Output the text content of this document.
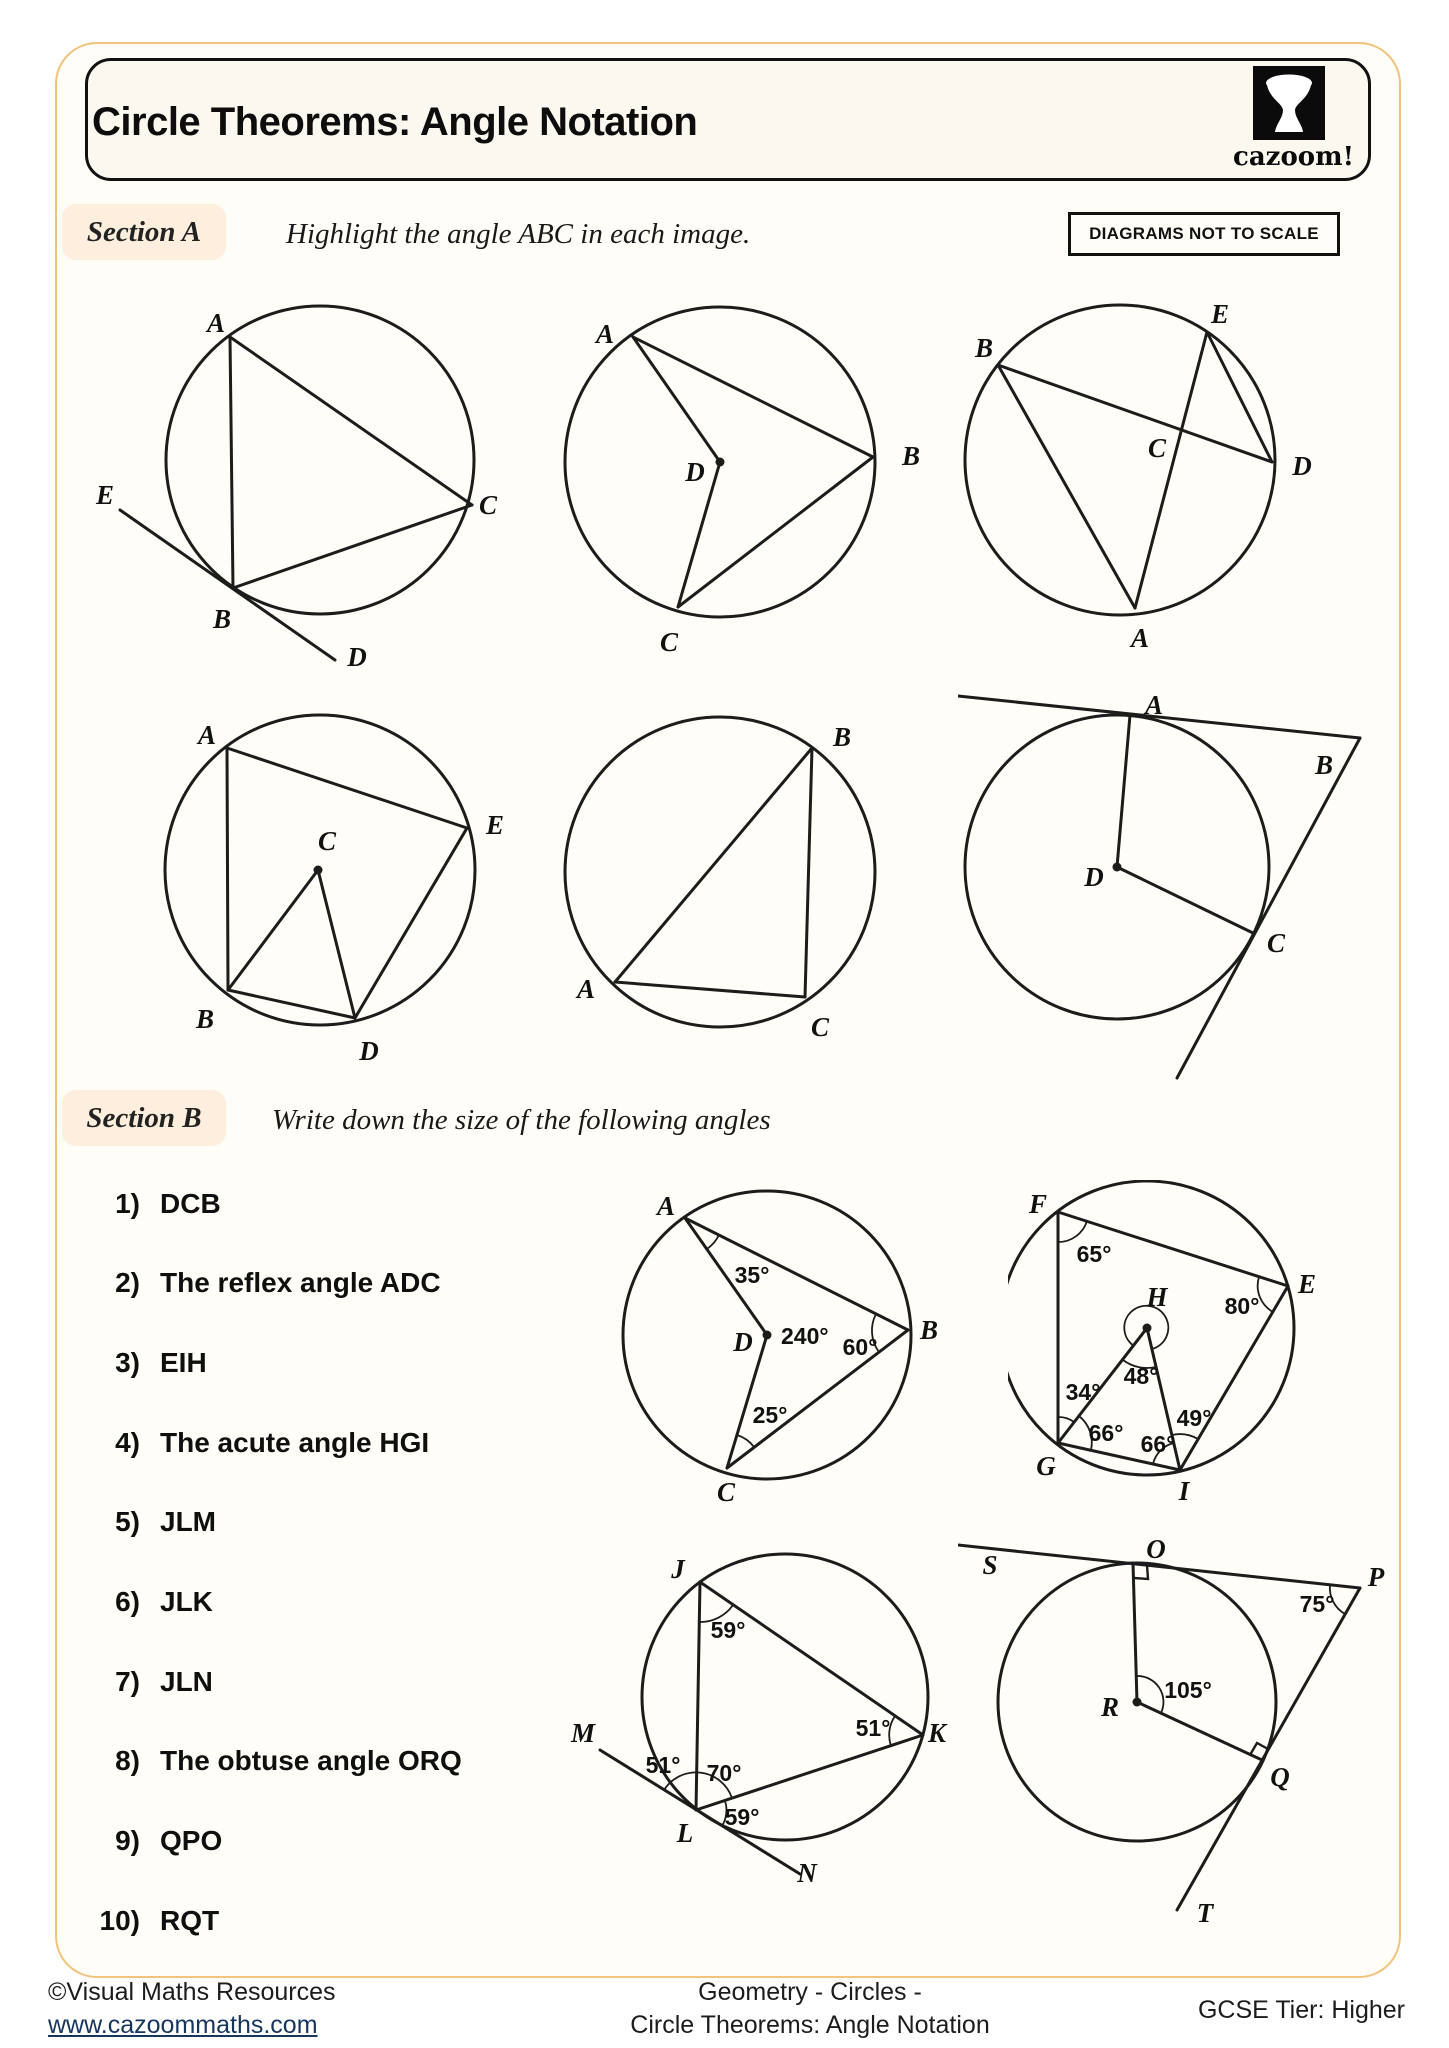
Circle Theorems: Angle Notation
cazoom!
Section A	Highlight the angle ABC in each image.	DIAGRAMS NOT TO SCALE
A
C
B
E
D
A
B
C
D
B
E
D
A
C
A
C
E
B
D
B
A
C
A
B
D
C
Section B Write down the size of the following angles
1) DCB
2) The reflex angle ADC
3) EIH
4) The acute angle HGI
5) JLM
6) JLK
7) JLN
8) The obtuse angle ORQ
9) QPO
10) RQT
A
B
C
D
35°
240° 60°
25°
F
E
G
I
H
65°
80°
34°
48°
66° 66°
49°
J
K
L
M
N
59°
51°
51° 70°
59°
O
S	P
R
Q
T
75°
105°
©Visual Maths Resources
www.cazoommaths.com
Geometry - Circles -
Circle Theorems: Angle Notation
GCSE Tier: Higher
